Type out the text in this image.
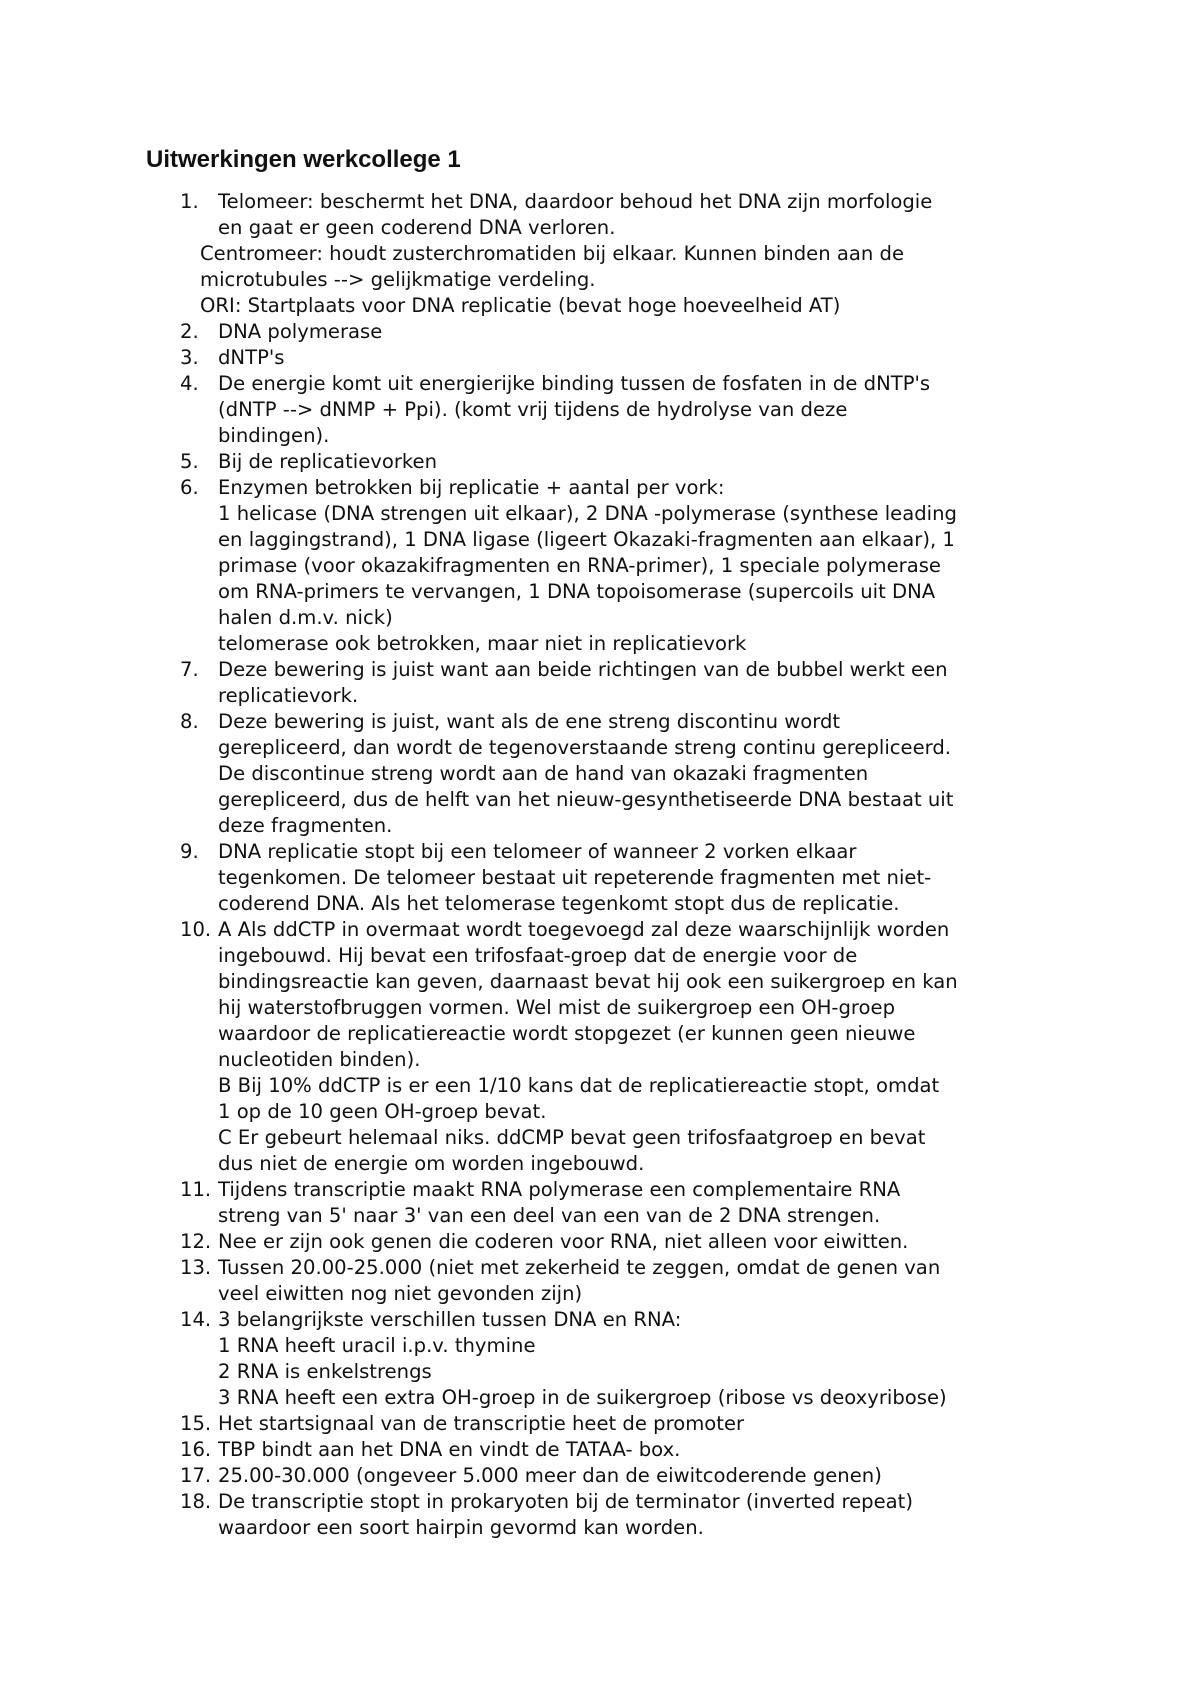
Uitwerkingen werkcollege 1
1. Telomeer: beschermt het DNA, daardoor behoud het DNA zijn morfologie
en gaat er geen coderend DNA verloren.
Centromeer: houdt zusterchromatiden bij elkaar. Kunnen binden aan de
microtubules --> gelijkmatige verdeling.
ORI: Startplaats voor DNA replicatie (bevat hoge hoeveelheid AT)
2. DNA polymerase
3. dNTP's
4. De energie komt uit energierijke binding tussen de fosfaten in de dNTP's
(dNTP --> dNMP + Ppi). (komt vrij tijdens de hydrolyse van deze
bindingen).
5. Bij de replicatievorken
6. Enzymen betrokken bij replicatie + aantal per vork:
1 helicase (DNA strengen uit elkaar), 2 DNA -polymerase (synthese leading
en laggingstrand), 1 DNA ligase (ligeert Okazaki-fragmenten aan elkaar), 1
primase (voor okazakifragmenten en RNA-primer), 1 speciale polymerase
om RNA-primers te vervangen, 1 DNA topoisomerase (supercoils uit DNA
halen d.m.v. nick)
telomerase ook betrokken, maar niet in replicatievork
7. Deze bewering is juist want aan beide richtingen van de bubbel werkt een
replicatievork.
8. Deze bewering is juist, want als de ene streng discontinu wordt
gerepliceerd, dan wordt de tegenoverstaande streng continu gerepliceerd.
De discontinue streng wordt aan de hand van okazaki fragmenten
gerepliceerd, dus de helft van het nieuw-gesynthetiseerde DNA bestaat uit
deze fragmenten.
9. DNA replicatie stopt bij een telomeer of wanneer 2 vorken elkaar
tegenkomen. De telomeer bestaat uit repeterende fragmenten met niet-
coderend DNA. Als het telomerase tegenkomt stopt dus de replicatie.
10. A Als ddCTP in overmaat wordt toegevoegd zal deze waarschijnlijk worden
ingebouwd. Hij bevat een trifosfaat-groep dat de energie voor de
bindingsreactie kan geven, daarnaast bevat hij ook een suikergroep en kan
hij waterstofbruggen vormen. Wel mist de suikergroep een OH-groep
waardoor de replicatiereactie wordt stopgezet (er kunnen geen nieuwe
nucleotiden binden).
B Bij 10% ddCTP is er een 1/10 kans dat de replicatiereactie stopt, omdat
1 op de 10 geen OH-groep bevat.
C Er gebeurt helemaal niks. ddCMP bevat geen trifosfaatgroep en bevat
dus niet de energie om worden ingebouwd.
11. Tijdens transcriptie maakt RNA polymerase een complementaire RNA
streng van 5' naar 3' van een deel van een van de 2 DNA strengen.
12. Nee er zijn ook genen die coderen voor RNA, niet alleen voor eiwitten.
13. Tussen 20.00-25.000 (niet met zekerheid te zeggen, omdat de genen van
veel eiwitten nog niet gevonden zijn)
14. 3 belangrijkste verschillen tussen DNA en RNA:
1 RNA heeft uracil i.p.v. thymine
2 RNA is enkelstrengs
3 RNA heeft een extra OH-groep in de suikergroep (ribose vs deoxyribose)
15. Het startsignaal van de transcriptie heet de promoter
16. TBP bindt aan het DNA en vindt de TATAA- box.
17. 25.00-30.000 (ongeveer 5.000 meer dan de eiwitcoderende genen)
18. De transcriptie stopt in prokaryoten bij de terminator (inverted repeat)
waardoor een soort hairpin gevormd kan worden.
